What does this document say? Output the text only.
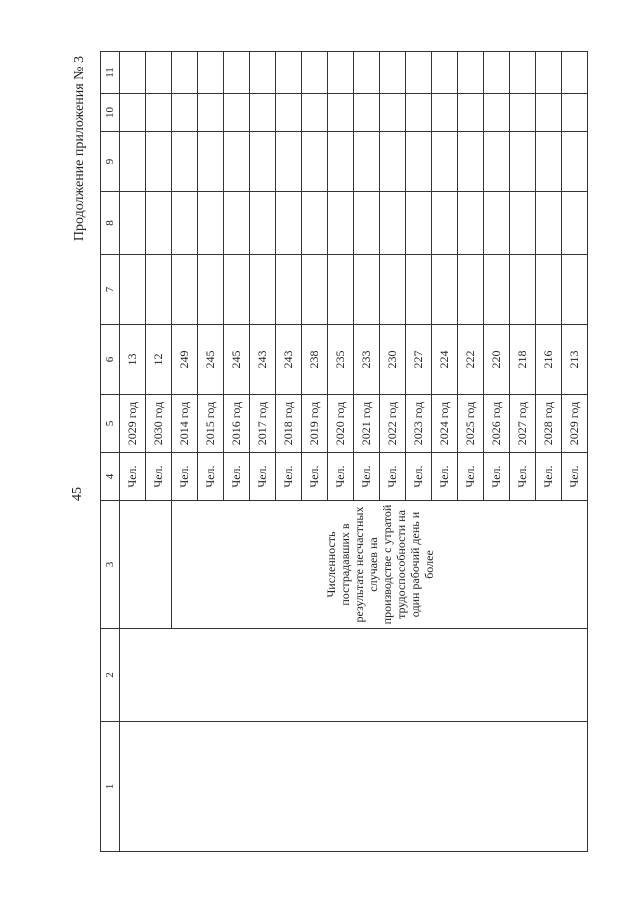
45
Продолжение приложения № 3
1	2	3	4	5	6	7	8	9	10	11
			Чел.	2029 год	13					
			Чел.	2030 год	12					
		Численность пострадавших в результате несчастных случаев на производстве с утратой трудоспособности на один рабочий день и более	Чел.	2014 год	249					
			Чел.	2015 год	245					
			Чел.	2016 год	245					
			Чел.	2017 год	243					
			Чел.	2018 год	243					
			Чел.	2019 год	238					
			Чел.	2020 год	235					
			Чел.	2021 год	233					
			Чел.	2022 год	230					
			Чел.	2023 год	227					
			Чел.	2024 год	224					
			Чел.	2025 год	222					
			Чел.	2026 год	220					
			Чел.	2027 год	218					
			Чел.	2028 год	216					
			Чел.	2029 год	213					
